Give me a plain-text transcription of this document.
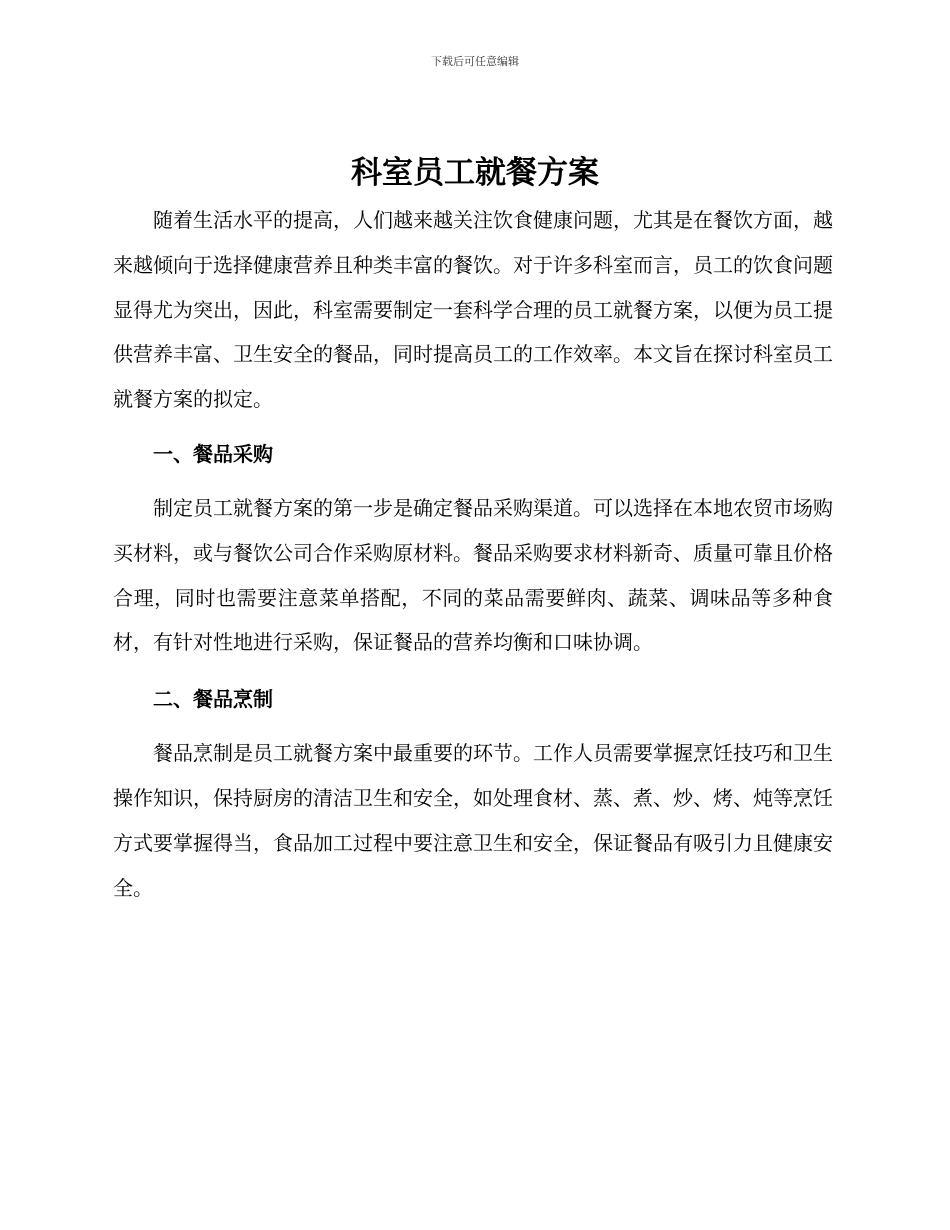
下载后可任意编辑
科室员工就餐方案

随着生活水平的提高，人们越来越关注饮食健康问题，尤其是在餐饮方面，越来越倾向于选择健康营养且种类丰富的餐饮。对于许多科室而言，员工的饮食问题显得尤为突出，因此，科室需要制定一套科学合理的员工就餐方案，以便为员工提供营养丰富、卫生安全的餐品，同时提高员工的工作效率。本文旨在探讨科室员工就餐方案的拟定。

一、餐品采购

制定员工就餐方案的第一步是确定餐品采购渠道。可以选择在本地农贸市场购买材料，或与餐饮公司合作采购原材料。餐品采购要求材料新奇、质量可靠且价格合理，同时也需要注意菜单搭配，不同的菜品需要鲜肉、蔬菜、调味品等多种食材，有针对性地进行采购，保证餐品的营养均衡和口味协调。

二、餐品烹制

餐品烹制是员工就餐方案中最重要的环节。工作人员需要掌握烹饪技巧和卫生操作知识，保持厨房的清洁卫生和安全，如处理食材、蒸、煮、炒、烤、炖等烹饪方式要掌握得当，食品加工过程中要注意卫生和安全，保证餐品有吸引力且健康安全。
